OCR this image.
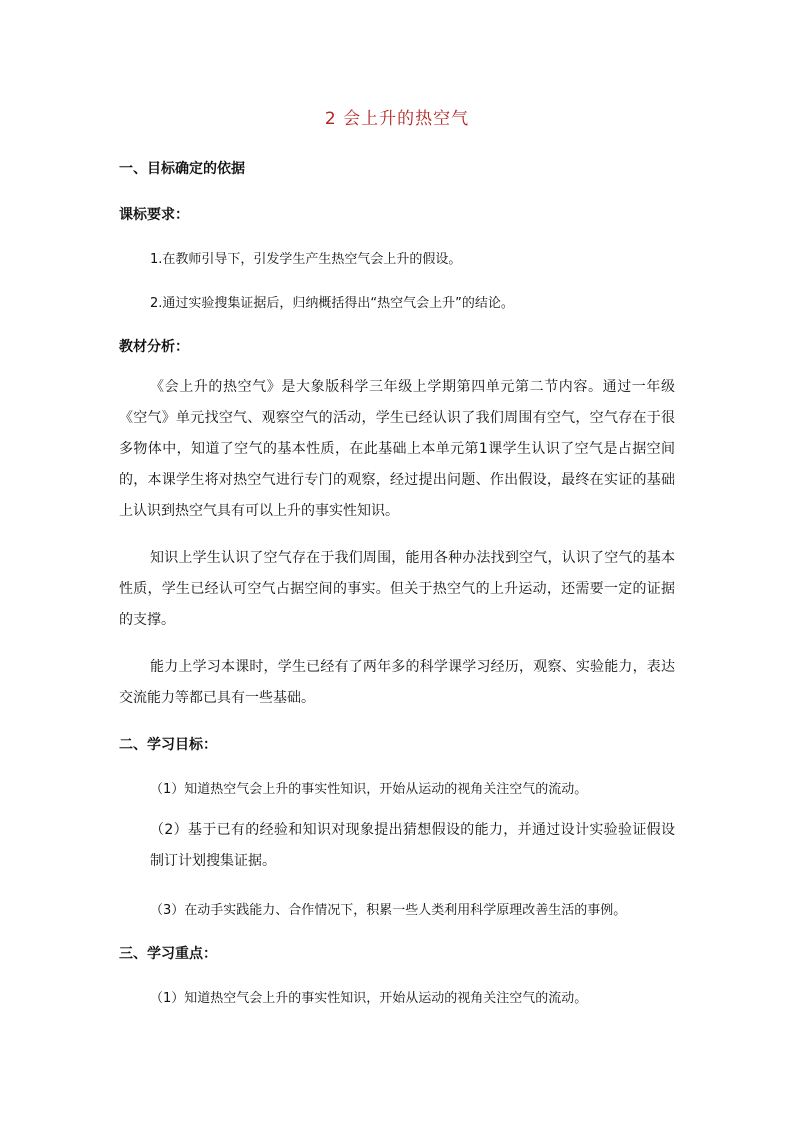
2 会上升的热空气
一、目标确定的依据
课标要求：
1.在教师引导下，引发学生产生热空气会上升的假设。
2.通过实验搜集证据后，归纳概括得出“热空气会上升”的结论。
教材分析：
《会上升的热空气》是大象版科学三年级上学期第四单元第二节内容。通过一年级《空气》单元找空气、观察空气的活动，学生已经认识了我们周围有空气，空气存在于很多物体中，知道了空气的基本性质，在此基础上本单元第1课学生认识了空气是占据空间的，本课学生将对热空气进行专门的观察，经过提出问题、作出假设，最终在实证的基础上认识到热空气具有可以上升的事实性知识。
知识上学生认识了空气存在于我们周围，能用各种办法找到空气，认识了空气的基本性质，学生已经认可空气占据空间的事实。但关于热空气的上升运动，还需要一定的证据的支撑。
能力上学习本课时，学生已经有了两年多的科学课学习经历，观察、实验能力，表达交流能力等都已具有一些基础。
二、学习目标：
（1）知道热空气会上升的事实性知识，开始从运动的视角关注空气的流动。
（2）基于已有的经验和知识对现象提出猜想假设的能力，并通过设计实验验证假设制订计划搜集证据。
（3）在动手实践能力、合作情况下，积累一些人类利用科学原理改善生活的事例。
三、学习重点：
（1）知道热空气会上升的事实性知识，开始从运动的视角关注空气的流动。
